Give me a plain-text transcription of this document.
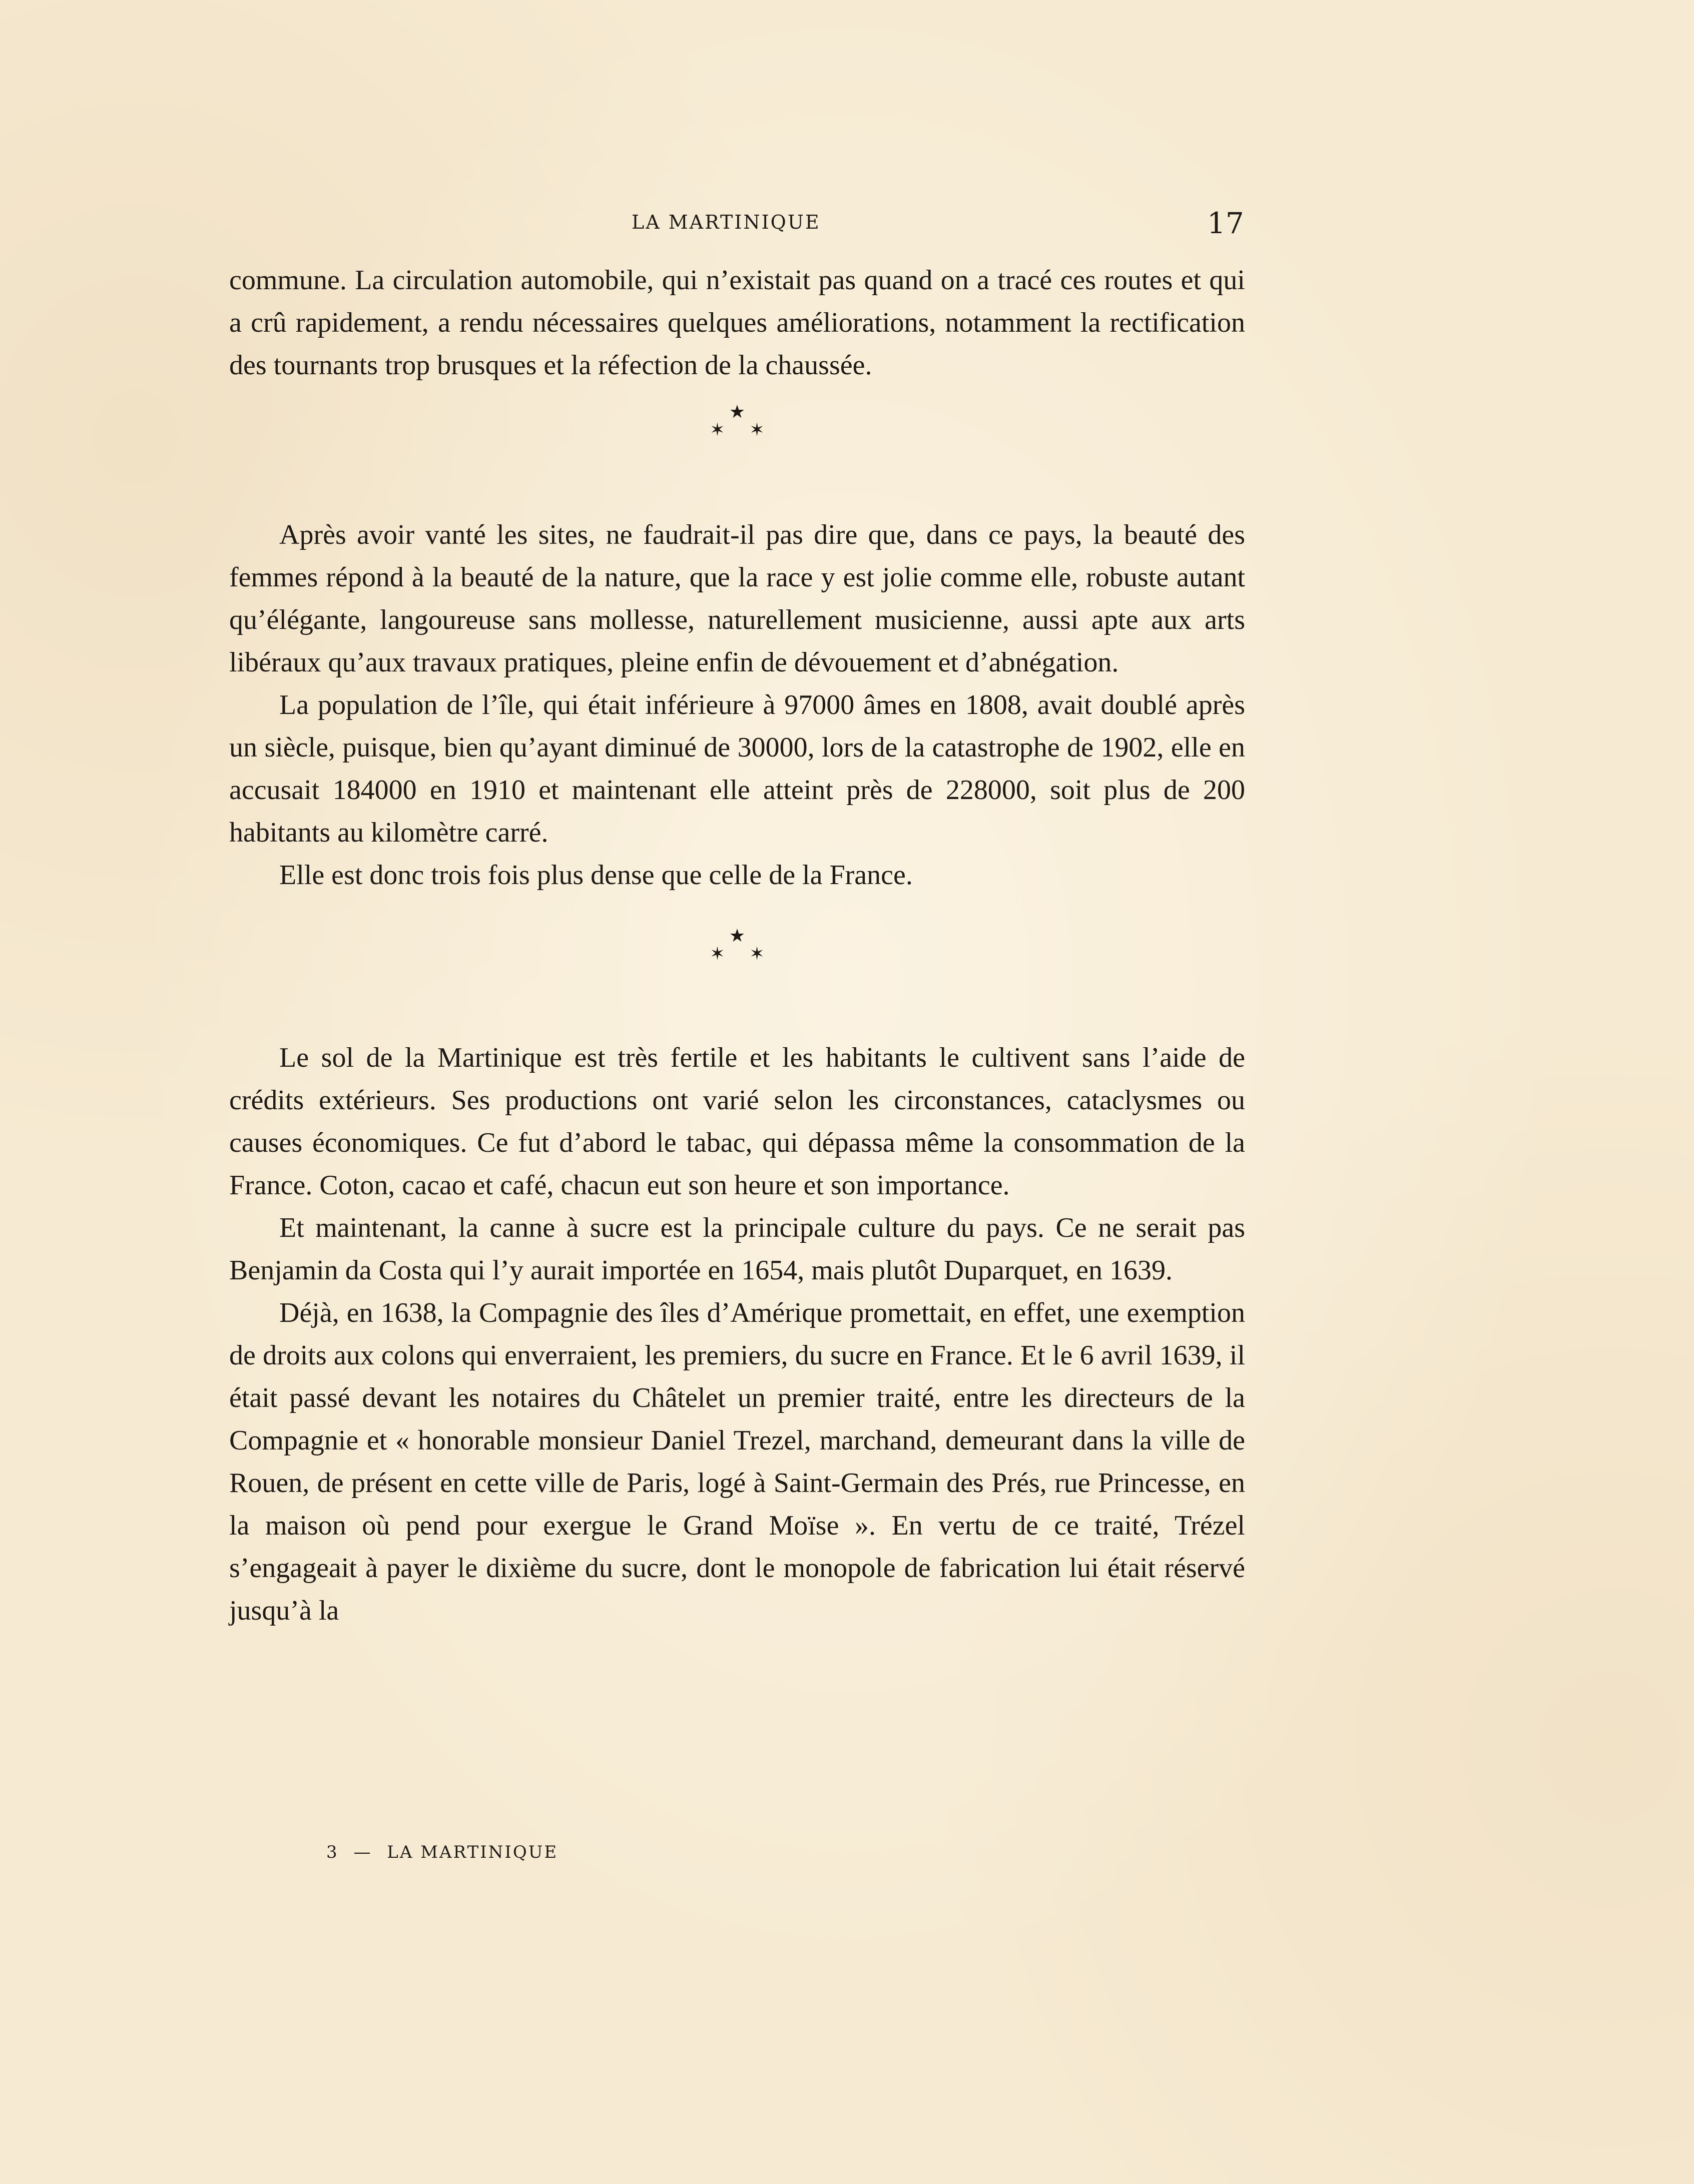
LA MARTINIQUE	17

commune. La circulation automobile, qui n’existait pas quand on a tracé ces routes et qui a crû rapidement, a rendu nécessaires quelques améliorations, notamment la rectification des tournants trop brusques et la réfection de la chaussée.

★
✶ ✶

Après avoir vanté les sites, ne faudrait-il pas dire que, dans ce pays, la beauté des femmes répond à la beauté de la nature, que la race y est jolie comme elle, robuste autant qu’élégante, langoureuse sans mollesse, naturellement musicienne, aussi apte aux arts libéraux qu’aux travaux pratiques, pleine enfin de dévouement et d’abnégation.

La population de l’île, qui était inférieure à 97000 âmes en 1808, avait doublé après un siècle, puisque, bien qu’ayant diminué de 30000, lors de la catastrophe de 1902, elle en accusait 184000 en 1910 et maintenant elle atteint près de 228000, soit plus de 200 habitants au kilomètre carré.

Elle est donc trois fois plus dense que celle de la France.

★
✶ ✶

Le sol de la Martinique est très fertile et les habitants le cultivent sans l’aide de crédits extérieurs. Ses productions ont varié selon les circonstances, cataclysmes ou causes économiques. Ce fut d’abord le tabac, qui dépassa même la consommation de la France. Coton, cacao et café, chacun eut son heure et son importance.

Et maintenant, la canne à sucre est la principale culture du pays. Ce ne serait pas Benjamin da Costa qui l’y aurait importée en 1654, mais plutôt Duparquet, en 1639.

Déjà, en 1638, la Compagnie des îles d’Amérique promettait, en effet, une exemption de droits aux colons qui enverraient, les premiers, du sucre en France. Et le 6 avril 1639, il était passé devant les notaires du Châtelet un premier traité, entre les directeurs de la Compagnie et « honorable monsieur Daniel Trezel, marchand, demeurant dans la ville de Rouen, de présent en cette ville de Paris, logé à Saint-Germain des Prés, rue Princesse, en la maison où pend pour exergue le Grand Moïse ». En vertu de ce traité, Trézel s’engageait à payer le dixième du sucre, dont le monopole de fabrication lui était réservé jusqu’à la

3 — LA MARTINIQUE
